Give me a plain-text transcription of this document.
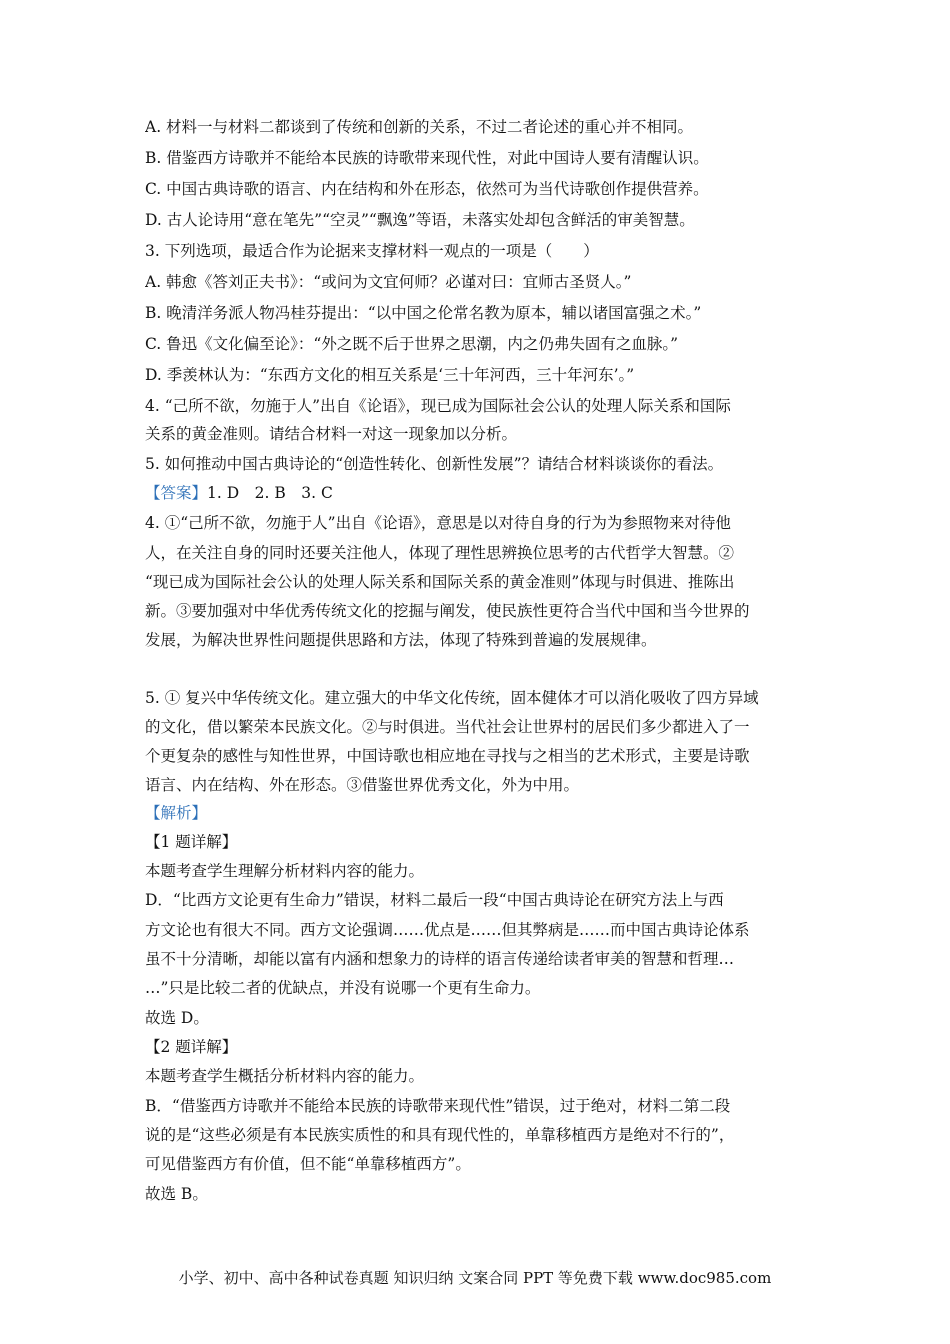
A. 材料一与材料二都谈到了传统和创新的关系，不过二者论述的重心并不相同。
B. 借鉴西方诗歌并不能给本民族的诗歌带来现代性，对此中国诗人要有清醒认识。
C. 中国古典诗歌的语言、内在结构和外在形态，依然可为当代诗歌创作提供营养。
D. 古人论诗用“意在笔先”“空灵”“飘逸”等语，未落实处却包含鲜活的审美智慧。
3. 下列选项，最适合作为论据来支撑材料一观点的一项是（　　）
A. 韩愈《答刘正夫书》：“或问为文宜何师？必谨对曰：宜师古圣贤人。”
B. 晚清洋务派人物冯桂芬提出：“以中国之伦常名教为原本，辅以诸国富强之术。”
C. 鲁迅《文化偏至论》：“外之既不后于世界之思潮，内之仍弗失固有之血脉。”
D. 季羡林认为：“东西方文化的相互关系是‘三十年河西，三十年河东’。”
4. “己所不欲，勿施于人”出自《论语》，现已成为国际社会公认的处理人际关系和国际
关系的黄金准则。请结合材料一对这一现象加以分析。
5. 如何推动中国古典诗论的“创造性转化、创新性发展”？请结合材料谈谈你的看法。
【答案】1. D　2. B　3. C
4. ①“己所不欲，勿施于人”出自《论语》，意思是以对待自身的行为为参照物来对待他
人，在关注自身的同时还要关注他人，体现了理性思辨换位思考的古代哲学大智慧。②
“现已成为国际社会公认的处理人际关系和国际关系的黄金准则”体现与时俱进、推陈出
新。③要加强对中华优秀传统文化的挖掘与阐发，使民族性更符合当代中国和当今世界的
发展，为解决世界性问题提供思路和方法，体现了特殊到普遍的发展规律。
5. ① 复兴中华传统文化。建立强大的中华文化传统，固本健体才可以消化吸收了四方异域
的文化，借以繁荣本民族文化。②与时俱进。当代社会让世界村的居民们多少都进入了一
个更复杂的感性与知性世界，中国诗歌也相应地在寻找与之相当的艺术形式，主要是诗歌
语言、内在结构、外在形态。③借鉴世界优秀文化，外为中用。
【解析】
【1 题详解】
本题考查学生理解分析材料内容的能力。
D．“比西方文论更有生命力”错误，材料二最后一段“中国古典诗论在研究方法上与西
方文论也有很大不同。西方文论强调……优点是……但其弊病是……而中国古典诗论体系
虽不十分清晰，却能以富有内涵和想象力的诗样的语言传递给读者审美的智慧和哲理…
…”只是比较二者的优缺点，并没有说哪一个更有生命力。
故选 D。
【2 题详解】
本题考查学生概括分析材料内容的能力。
B．“借鉴西方诗歌并不能给本民族的诗歌带来现代性”错误，过于绝对，材料二第二段
说的是“这些必须是有本民族实质性的和具有现代性的，单靠移植西方是绝对不行的”，
可见借鉴西方有价值，但不能“单靠移植西方”。
故选 B。
小学、初中、高中各种试卷真题 知识归纳 文案合同 PPT 等免费下载 www.doc985.com
